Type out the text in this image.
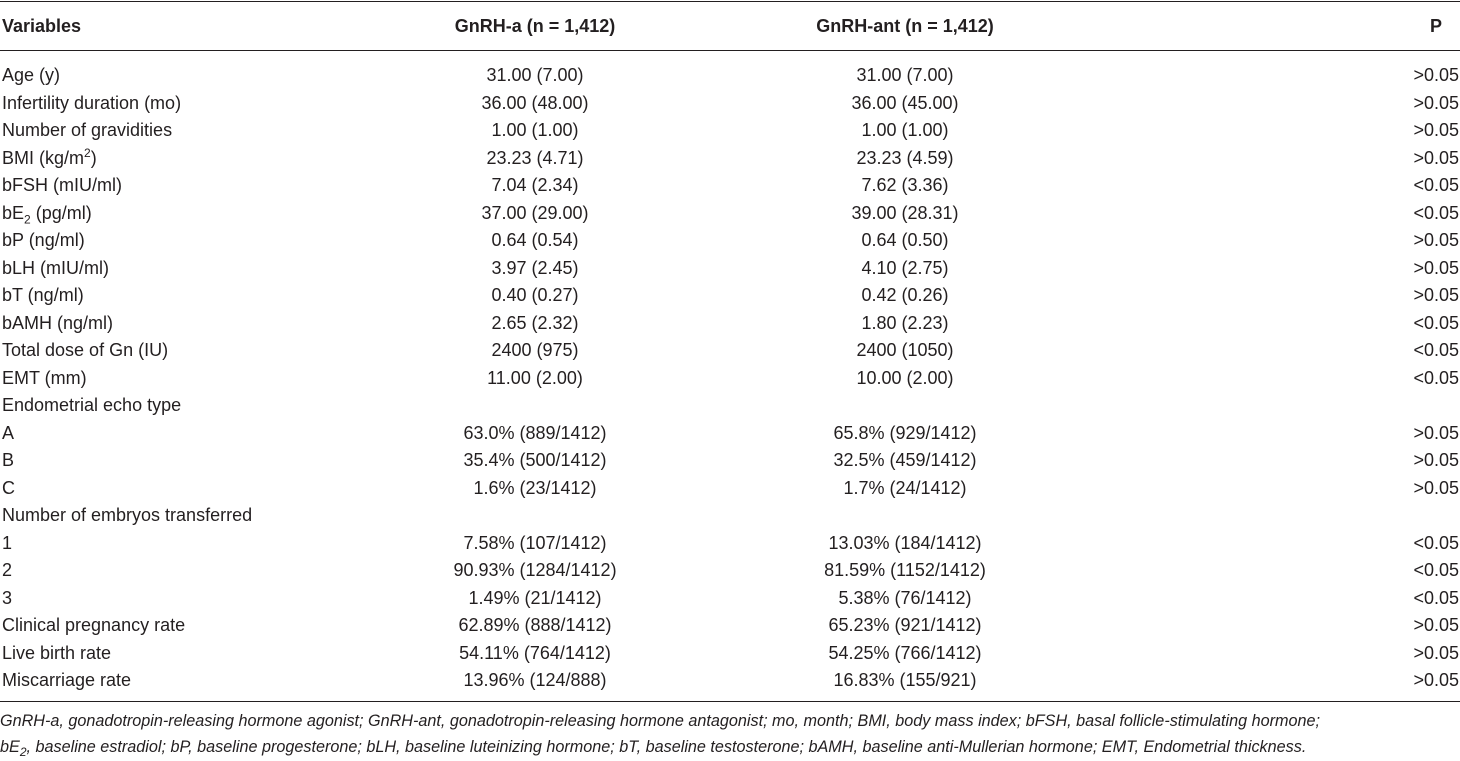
Variables	GnRH-a (n = 1,412)	GnRH-ant (n = 1,412)	P
Age (y)	31.00 (7.00)	31.00 (7.00)	>0.05
Infertility duration (mo)	36.00 (48.00)	36.00 (45.00)	>0.05
Number of gravidities	1.00 (1.00)	1.00 (1.00)	>0.05
BMI $(kg/m^2)$	23.23 (4.71)	23.23 (4.59)	>0.05
bFSH (mIU/ml)	7.04 (2.34)	7.62 (3.36)	<0.05
$bE_2$ (pg/ml)	37.00 (29.00)	39.00 (28.31)	<0.05
bP (ng/ml)	0.64 (0.54)	0.64 (0.50)	>0.05
bLH (mIU/ml)	3.97 (2.45)	4.10 (2.75)	>0.05
bT (ng/ml)	0.40 (0.27)	0.42 (0.26)	>0.05
bAMH (ng/ml)	2.65 (2.32)	1.80 (2.23)	<0.05
Total dose of Gn (IU)	2400 (975)	2400 (1050)	<0.05
EMT (mm)	11.00 (2.00)	10.00 (2.00)	<0.05
Endometrial echo type			
A	63.0% (889/1412)	65.8% (929/1412)	>0.05
B	35.4% (500/1412)	32.5% (459/1412)	>0.05
C	1.6% (23/1412)	1.7% (24/1412)	>0.05
Number of embryos transferred			
1	7.58% (107/1412)	13.03% (184/1412)	<0.05
2	90.93% (1284/1412)	81.59% (1152/1412)	<0.05
3	1.49% (21/1412)	5.38% (76/1412)	<0.05
Clinical pregnancy rate	62.89% (888/1412)	65.23% (921/1412)	>0.05
Live birth rate	54.11% (764/1412)	54.25% (766/1412)	>0.05
Miscarriage rate	13.96% (124/888)	16.83% (155/921)	>0.05
GnRH-a, gonadotropin-releasing hormone agonist; GnRH-ant, gonadotropin-releasing hormone antagonist; mo, month; BMI, body mass index; bFSH, basal follicle-stimulating hormone;
$bE_2$, baseline estradiol; bP, baseline progesterone; bLH, baseline luteinizing hormone; bT, baseline testosterone; bAMH, baseline anti-Mullerian hormone; EMT, Endometrial thickness.
